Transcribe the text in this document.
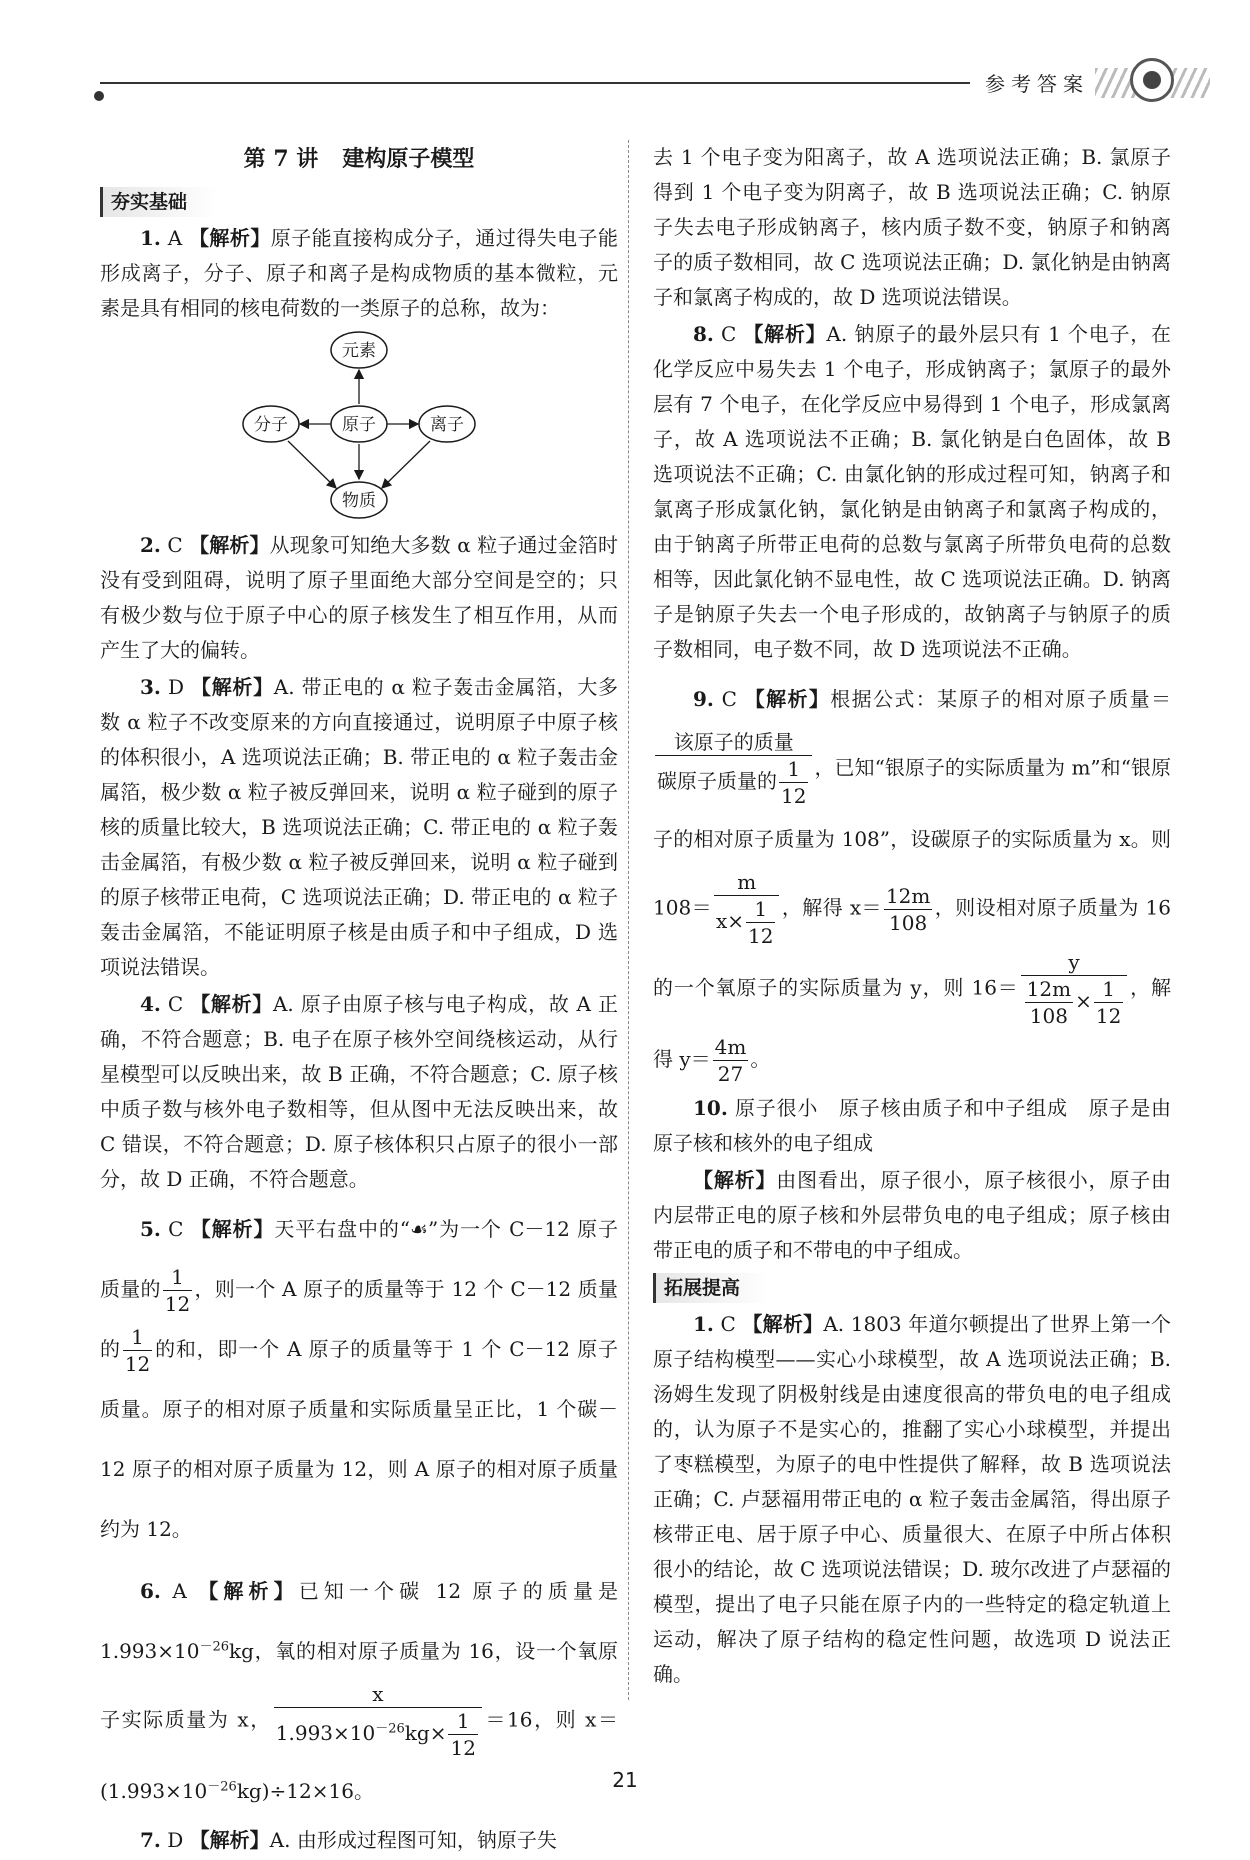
参考答案
第 7 讲 建构原子模型
夯实基础

1. A 【解析】原子能直接构成分子，通过得失电子能形成离子，分子、原子和离子是构成物质的基本微粒，元素是具有相同的核电荷数的一类原子的总称，故为：

元素
分子	原子	离子
物质

2. C 【解析】从现象可知绝大多数 α 粒子通过金箔时没有受到阻碍，说明了原子里面绝大部分空间是空的；只有极少数与位于原子中心的原子核发生了相互作用，从而产生了大的偏转。

3. D 【解析】A. 带正电的 α 粒子轰击金属箔，大多数 α 粒子不改变原来的方向直接通过，说明原子中原子核的体积很小，A 选项说法正确；B. 带正电的 α 粒子轰击金属箔，极少数 α 粒子被反弹回来，说明 α 粒子碰到的原子核的质量比较大，B 选项说法正确；C. 带正电的 α 粒子轰击金属箔，有极少数 α 粒子被反弹回来，说明 α 粒子碰到的原子核带正电荷，C 选项说法正确；D. 带正电的 α 粒子轰击金属箔，不能证明原子核是由质子和中子组成，D 选项说法错误。

4. C 【解析】A. 原子由原子核与电子构成，故 A 正确，不符合题意；B. 电子在原子核外空间绕核运动，从行星模型可以反映出来，故 B 正确，不符合题意；C. 原子核中质子数与核外电子数相等，但从图中无法反映出来，故 C 错误，不符合题意；D. 原子核体积只占原子的很小一部分，故 D 正确，不符合题意。

5. C 【解析】天平右盘中的“☙”为一个 C－12 原子质量的 $\frac{1}{12}$ ，则一个 A 原子的质量等于 12 个 C－12 质量的 $\frac{1}{12}$ 的和，即一个 A 原子的质量等于 1 个 C－12 原子质量。原子的相对原子质量和实际质量呈正比，1 个碳－12 原子的相对原子质量为 12，则 A 原子的相对原子质量约为 12。

6. A 【解析】已知一个碳 12 原子的质量是 $1.993\times 10^{-26}kg$，氧的相对原子质量为 16，设一个氧原子实际质量为 x， $\frac{x}{1.993\times 10^{-26}kg\times \frac{1}{12}} =16$，则 $x=(1.993\times 10^{-26}kg)\div 12\times 16$。

7. D 【解析】A. 由形成过程图可知，钠原子失

去 1 个电子变为阳离子，故 A 选项说法正确；B. 氯原子得到 1 个电子变为阴离子，故 B 选项说法正确；C. 钠原子失去电子形成钠离子，核内质子数不变，钠原子和钠离子的质子数相同，故 C 选项说法正确；D. 氯化钠是由钠离子和氯离子构成的，故 D 选项说法错误。

8. C 【解析】A. 钠原子的最外层只有 1 个电子，在化学反应中易失去 1 个电子，形成钠离子；氯原子的最外层有 7 个电子，在化学反应中易得到 1 个电子，形成氯离子，故 A 选项说法不正确；B. 氯化钠是白色固体，故 B 选项说法不正确；C. 由氯化钠的形成过程可知，钠离子和氯离子形成氯化钠，氯化钠是由钠离子和氯离子构成的，由于钠离子所带正电荷的总数与氯离子所带负电荷的总数相等，因此氯化钠不显电性，故 C 选项说法正确。D. 钠离子是钠原子失去一个电子形成的，故钠离子与钠原子的质子数相同，电子数不同，故 D 选项说法不正确。

9. C 【解析】根据公式：某原子的相对原子质量＝
$\frac{\text{该原子的质量}}{碳原子质量的 \frac{1}{12}}$ ，已知“银原子的实际质量为 m”和“银原子的相对原子质量为 108”，设碳原子的实际质量为 x。则 $108= \frac{m}{x\times \frac{1}{12}}$ ，解得 $x= \frac{12m}{108}$ ，则设相对原子质量为 16 的一个氧原子的实际质量为 y，则 $16= \frac{y}{\frac{12m}{108} \times \frac{1}{12}}$ ，解得 $y= \frac{4m}{27}$ 。

10. 原子很小　原子核由质子和中子组成　原子是由原子核和核外的电子组成

【解析】由图看出，原子很小，原子核很小，原子由内层带正电的原子核和外层带负电的电子组成；原子核由带正电的质子和不带电的中子组成。

拓展提高

1. C 【解析】A. 1803 年道尔顿提出了世界上第一个原子结构模型——实心小球模型，故 A 选项说法正确；B. 汤姆生发现了阴极射线是由速度很高的带负电的电子组成的，认为原子不是实心的，推翻了实心小球模型，并提出了枣糕模型，为原子的电中性提供了解释，故 B 选项说法正确；C. 卢瑟福用带正电的 α 粒子轰击金属箔，得出原子核带正电、居于原子中心、质量很大、在原子中所占体积很小的结论，故 C 选项说法错误；D. 玻尔改进了卢瑟福的模型，提出了电子只能在原子内的一些特定的稳定轨道上运动，解决了原子结构的稳定性问题，故选项 D 说法正确。

21
